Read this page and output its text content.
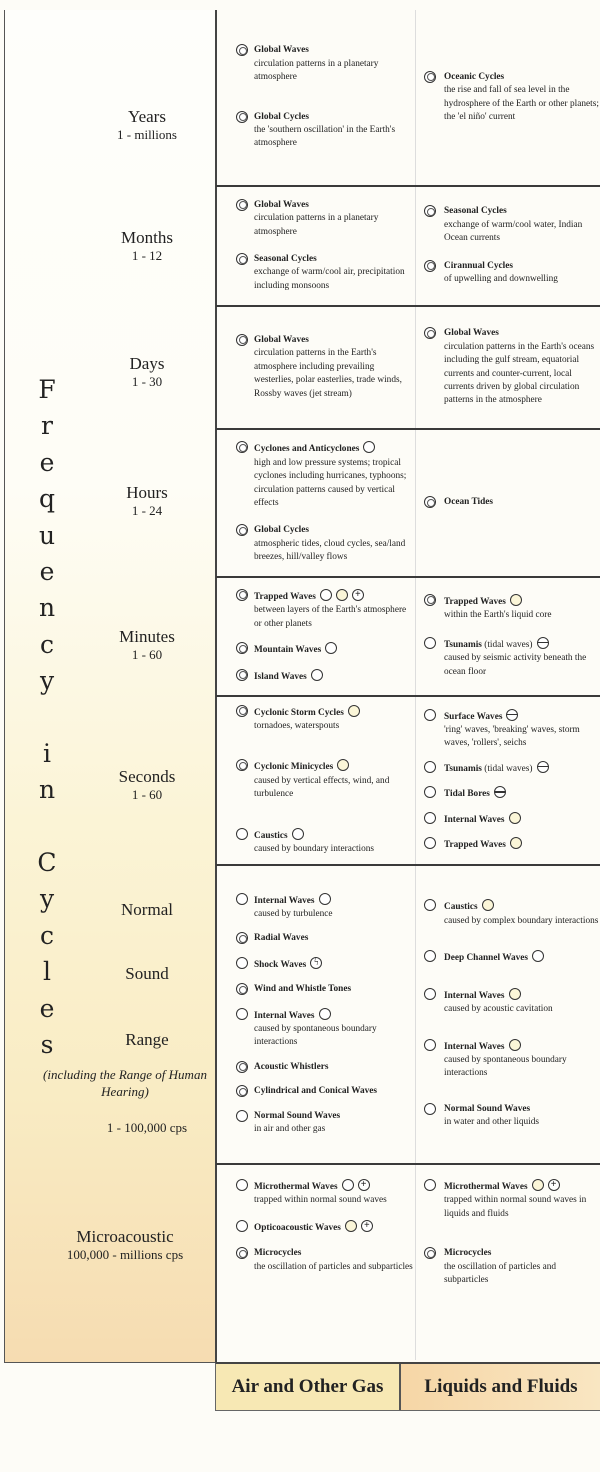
F
r
e
q
u
e
n
c
y
i
n
C
y
c
l
e
s
Years
1 - millions
Months
1 - 12
Days
1 - 30
Hours
1 - 24
Minutes
1 - 60
Seconds
1 - 60
Normal
Sound
Range
(including the Range of Human Hearing)
1 - 100,000 cps
Microacoustic
100,000 - millions cps
Global Waves
circulation patterns in a planetary atmosphere
Global Cycles
the 'southern oscillation' in the Earth's atmosphere
Oceanic Cycles
the rise and fall of sea level in the hydrosphere of the Earth or other planets; the 'el niño' current
Global Waves
circulation patterns in a planetary atmosphere
Seasonal Cycles
exchange of warm/cool air, precipitation including monsoons
Seasonal Cycles
exchange of warm/cool water, Indian Ocean currents
Cirannual Cycles
of upwelling and downwelling
Global Waves
circulation patterns in the Earth's atmosphere including prevailing westerlies, polar easterlies, trade winds, Rossby waves (jet stream)
Global Waves
circulation patterns in the Earth's oceans including the gulf stream, equatorial currents and counter-current, local currents driven by global circulation patterns in the atmosphere
Cyclones and Anticyclones
high and low pressure systems; tropical cyclones including hurricanes, typhoons; circulation patterns caused by vertical effects
Global Cycles
atmospheric tides, cloud cycles, sea/land breezes, hill/valley flows
Ocean Tides
Trapped Waves+
between layers of the Earth's atmosphere or other planets
Mountain Waves
Island Waves
Trapped Waves
within the Earth's liquid core
Tsunamis (tidal waves)
caused by seismic activity beneath the ocean floor
Cyclonic Storm Cycles
tornadoes, waterspouts
Cyclonic Minicycles
caused by vertical effects, wind, and turbulence
Caustics
caused by boundary interactions
Surface Waves
'ring' waves, 'breaking' waves, storm waves, 'rollers', seichs
Tsunamis (tidal waves)
Tidal Bores
Internal Waves
Trapped Waves
Internal Waves
caused by turbulence
Radial Waves
Shock Wavesϟ
Wind and Whistle Tones
Internal Waves
caused by spontaneous boundary interactions
Acoustic Whistlers
Cylindrical and Conical Waves
Normal Sound Waves
in air and other gas
Caustics
caused by complex boundary interactions
Deep Channel Waves
Internal Waves
caused by acoustic cavitation
Internal Waves
caused by spontaneous boundary interactions
Normal Sound Waves
in water and other liquids
Microthermal Waves+
trapped within normal sound waves
Opticoacoustic Waves+
Microcycles
the oscillation of particles and subparticles
Microthermal Waves+
trapped within normal sound waves in liquids and fluids
Microcycles
the oscillation of particles and subparticles
Air and Other Gas	Liquids and Fluids
